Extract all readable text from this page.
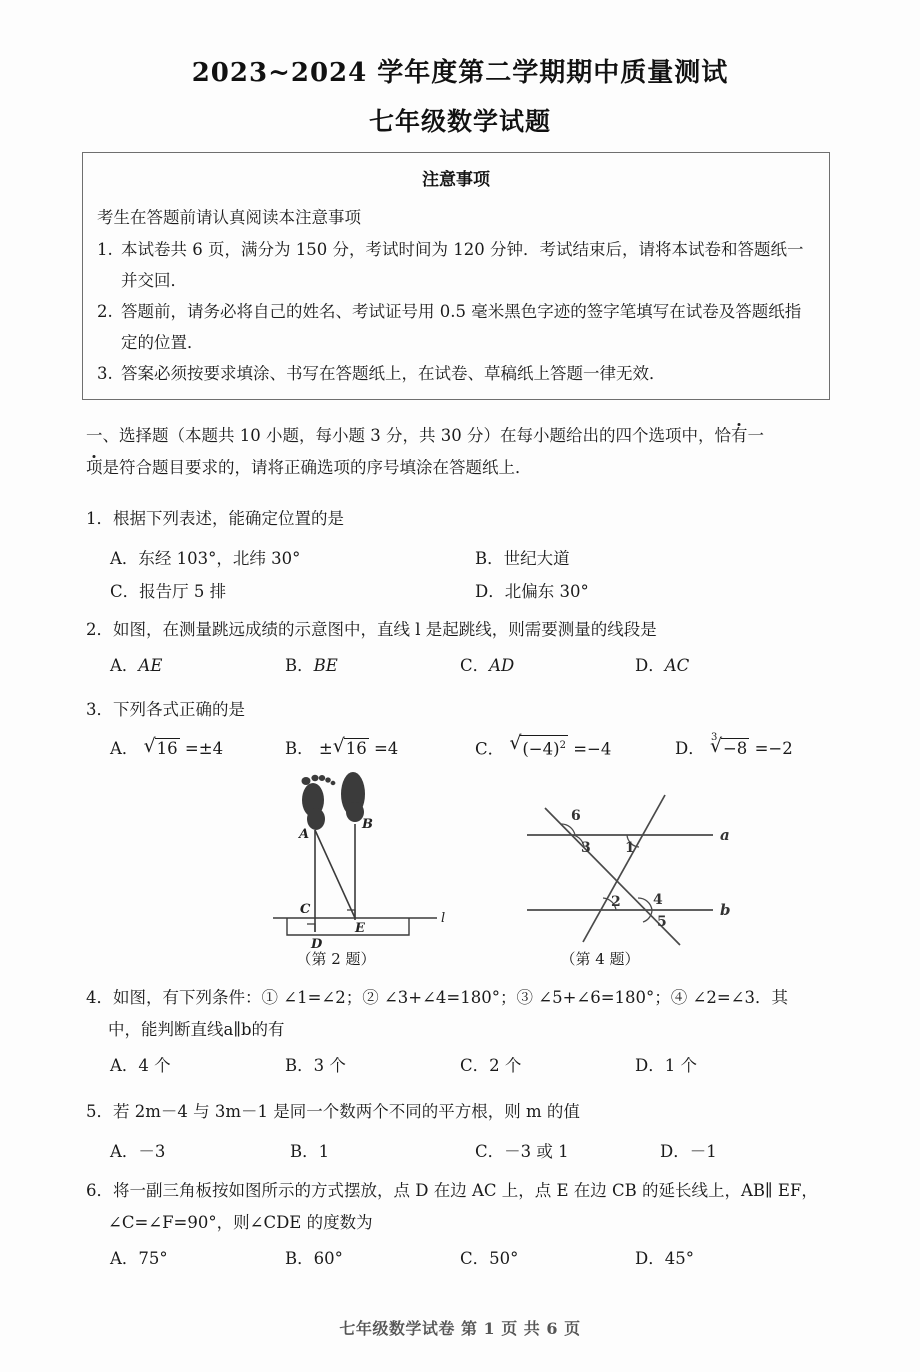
2023~2024 学年度第二学期期中质量测试
七年级数学试题
注意事项
考生在答题前请认真阅读本注意事项
1. 本试卷共 6 页，满分为 150 分，考试时间为 120 分钟．考试结束后，请将本试卷和答题纸一并交回．
2. 答题前，请务必将自己的姓名、考试证号用 0.5 毫米黑色字迹的签字笔填写在试卷及答题纸指定的位置．
3. 答案必须按要求填涂、书写在答题纸上，在试卷、草稿纸上答题一律无效．
一、选择题（本题共 10 小题，每小题 3 分，共 30 分）在每小题给出的四个选项中，恰有一
项是符合题目要求的，请将正确选项的序号填涂在答题纸上．
1．根据下列表述，能确定位置的是
A．东经 103°，北纬 30°	B．世纪大道
C．报告厅 5 排	D．北偏东 30°
2．如图，在测量跳远成绩的示意图中，直线 l 是起跳线，则需要测量的线段是
A．AE	B．BE	C．AD	D．AC
3．下列各式正确的是
A． √ 16 =±4	B． ± √ 16 =4	C． √ $(-4)^2 =-4$	D．
√ 3
−8 =−2
A
B
C
D
E
l
（第 2 题）
6
3 1
2 4
5
a
b
（第 4 题）
4．如图，有下列条件：① ∠1=∠2；② ∠3+∠4=180°；③ ∠5+∠6=180°；④ ∠2=∠3．其
中，能判断直线a∥b的有
A．4 个	B．3 个	C．2 个	D．1 个
5．若 2m－4 与 3m－1 是同一个数两个不同的平方根，则 m 的值
A．－3	B．1	C．－3 或 1	D．－1
6．将一副三角板按如图所示的方式摆放，点 D 在边 AC 上，点 E 在边 CB 的延长线上，AB∥ EF，
∠C=∠F=90°，则∠CDE 的度数为
A．75°	B．60°	C．50°	D．45°
七年级数学试卷 第 1 页 共 6 页
